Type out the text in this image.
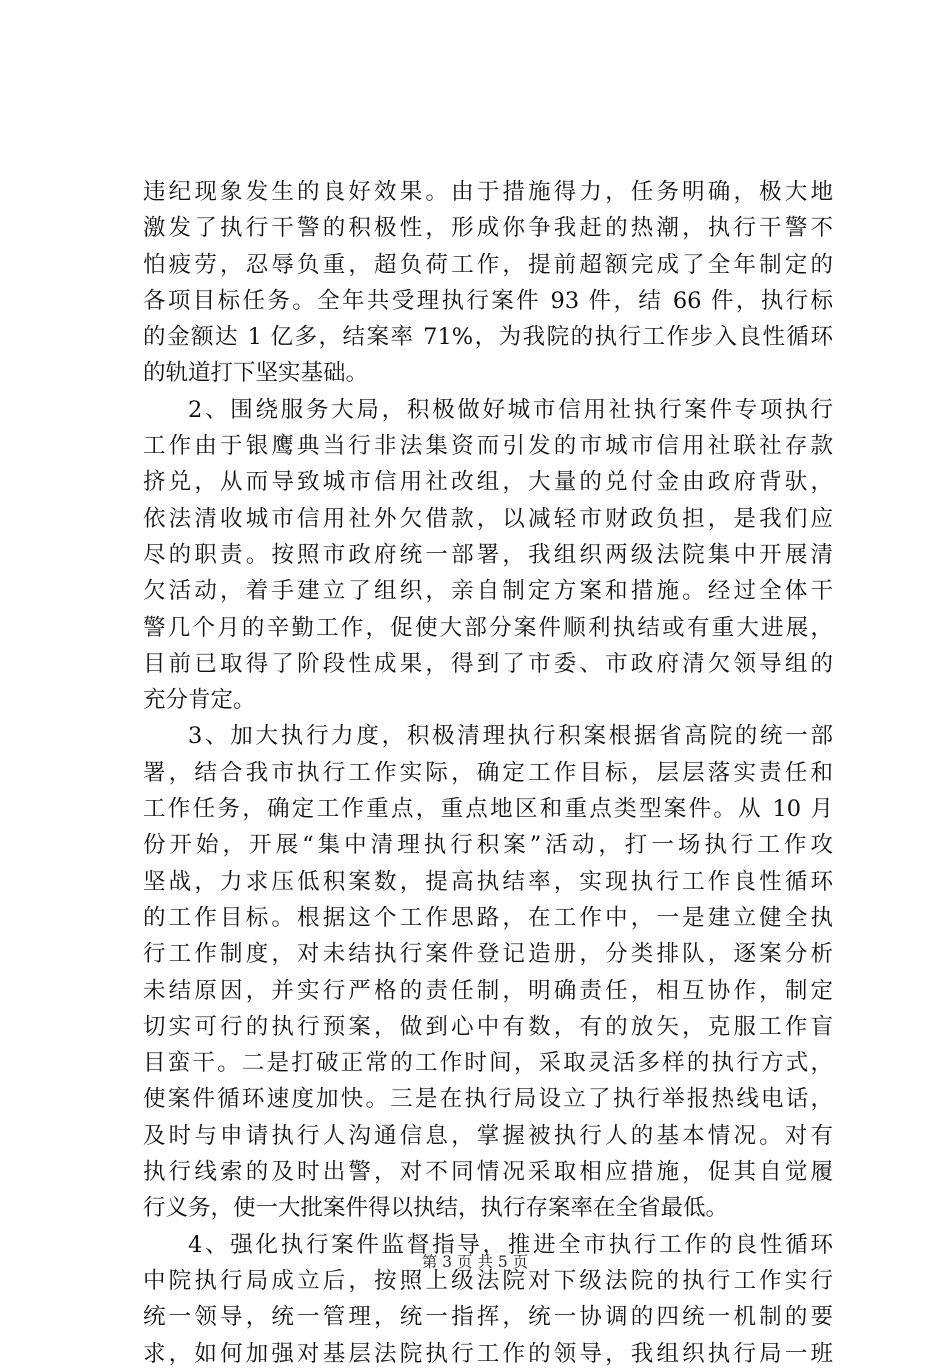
违纪现象发生的良好效果。由于措施得力，任务明确，极大地
激发了执行干警的积极性，形成你争我赶的热潮，执行干警不
怕疲劳，忍辱负重，超负荷工作，提前超额完成了全年制定的
各项目标任务。全年共受理执行案件 93 件，结 66 件，执行标
的金额达 1 亿多，结案率 71%，为我院的执行工作步入良性循环
的轨道打下坚实基础。
2、围绕服务大局，积极做好城市信用社执行案件专项执行
工作由于银鹰典当行非法集资而引发的市城市信用社联社存款
挤兑，从而导致城市信用社改组，大量的兑付金由政府背驮，
依法清收城市信用社外欠借款，以减轻市财政负担，是我们应
尽的职责。按照市政府统一部署，我组织两级法院集中开展清
欠活动，着手建立了组织，亲自制定方案和措施。经过全体干
警几个月的辛勤工作，促使大部分案件顺利执结或有重大进展，
目前已取得了阶段性成果，得到了市委、市政府清欠领导组的
充分肯定。
3、加大执行力度，积极清理执行积案根据省高院的统一部
署，结合我市执行工作实际，确定工作目标，层层落实责任和
工作任务，确定工作重点，重点地区和重点类型案件。从 10 月
份开始，开展“集中清理执行积案”活动，打一场执行工作攻
坚战，力求压低积案数，提高执结率，实现执行工作良性循环
的工作目标。根据这个工作思路，在工作中，一是建立健全执
行工作制度，对未结执行案件登记造册，分类排队，逐案分析
未结原因，并实行严格的责任制，明确责任，相互协作，制定
切实可行的执行预案，做到心中有数，有的放矢，克服工作盲
目蛮干。二是打破正常的工作时间，采取灵活多样的执行方式，
使案件循环速度加快。三是在执行局设立了执行举报热线电话，
及时与申请执行人沟通信息，掌握被执行人的基本情况。对有
执行线索的及时出警，对不同情况采取相应措施，促其自觉履
行义务，使一大批案件得以执结，执行存案率在全省最低。
4、强化执行案件监督指导，推进全市执行工作的良性循环
中院执行局成立后，按照上级法院对下级法院的执行工作实行
统一领导，统一管理，统一指挥，统一协调的四统一机制的要
求，如何加强对基层法院执行工作的领导，我组织执行局一班
第 3 页 共 5 页
